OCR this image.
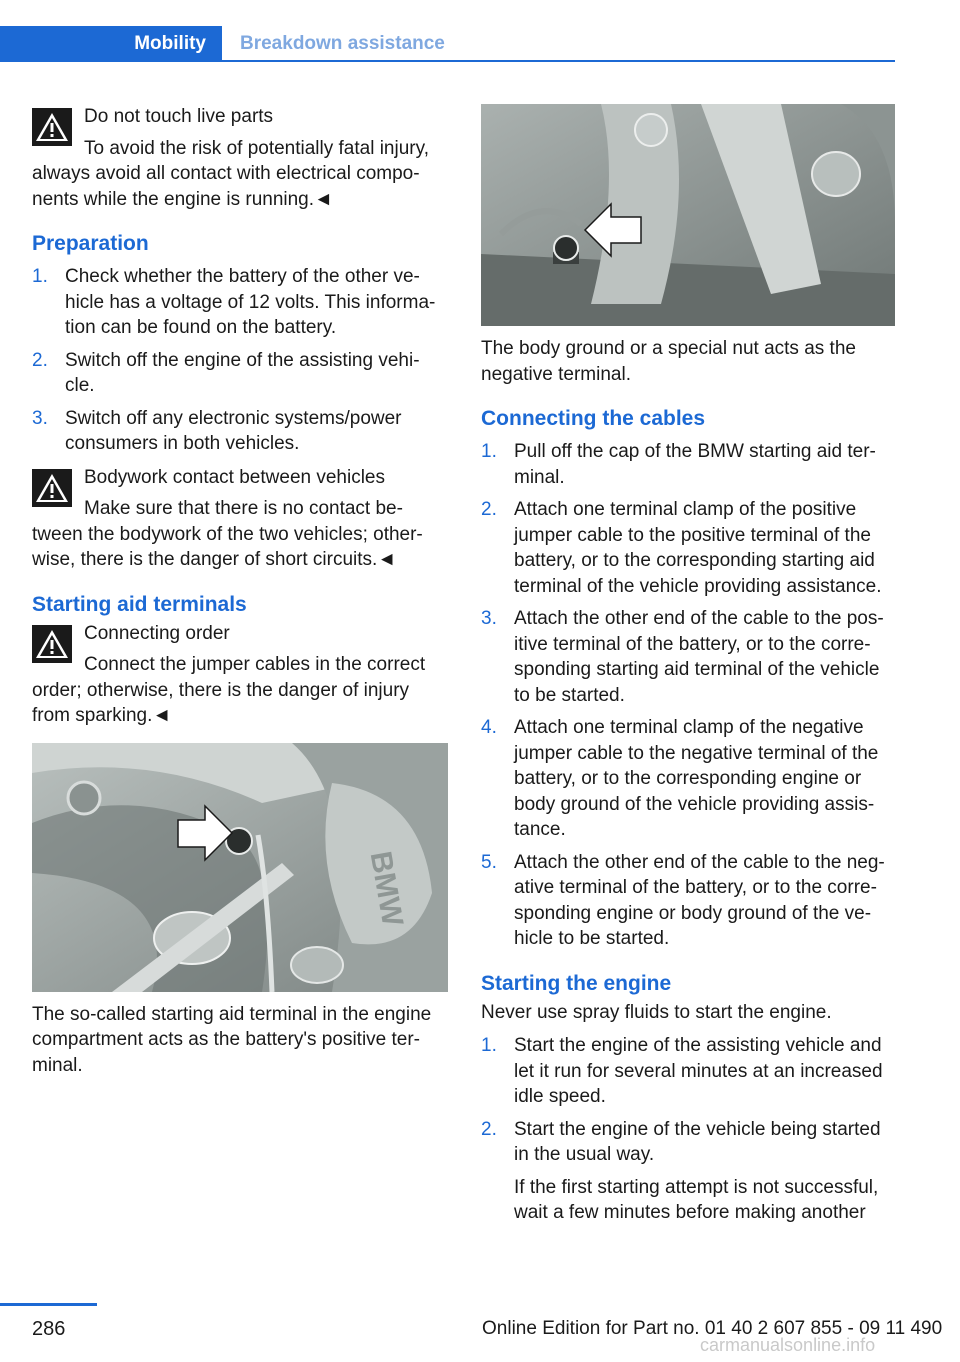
Mobility	Breakdown assistance

Do not touch live parts

To avoid the risk of potentially fatal injury, always avoid all contact with electrical compo-nents while the engine is running.◄

Preparation
1. Check whether the battery of the other ve-hicle has a voltage of 12 volts. This informa-tion can be found on the battery.
2. Switch off the engine of the assisting vehi-cle.
3. Switch off any electronic systems/power consumers in both vehicles.

Bodywork contact between vehicles

Make sure that there is no contact be-tween the bodywork of the two vehicles; other-wise, there is the danger of short circuits.◄

Starting aid terminals

Connecting order

Connect the jumper cables in the correct order; otherwise, there is the danger of injury from sparking.◄

BMW

The so-called starting aid terminal in the engine compartment acts as the battery's positive ter-minal.

The body ground or a special nut acts as the negative terminal.

Connecting the cables
1. Pull off the cap of the BMW starting aid ter-minal.
2. Attach one terminal clamp of the positive jumper cable to the positive terminal of the battery, or to the corresponding starting aid terminal of the vehicle providing assistance.
3. Attach the other end of the cable to the pos-itive terminal of the battery, or to the corre-sponding starting aid terminal of the vehicle to be started.
4. Attach one terminal clamp of the negative jumper cable to the negative terminal of the battery, or to the corresponding engine or body ground of the vehicle providing assis-tance.
5. Attach the other end of the cable to the neg-ative terminal of the battery, or to the corre-sponding engine or body ground of the ve-hicle to be started.
Starting the engine

Never use spray fluids to start the engine.

1. Start the engine of the assisting vehicle and let it run for several minutes at an increased idle speed.
2. Start the engine of the vehicle being started in the usual way.
If the first starting attempt is not successful, wait a few minutes before making another
286	Online Edition for Part no. 01 40 2 607 855 - 09 11 490
carmanualsonline.info
